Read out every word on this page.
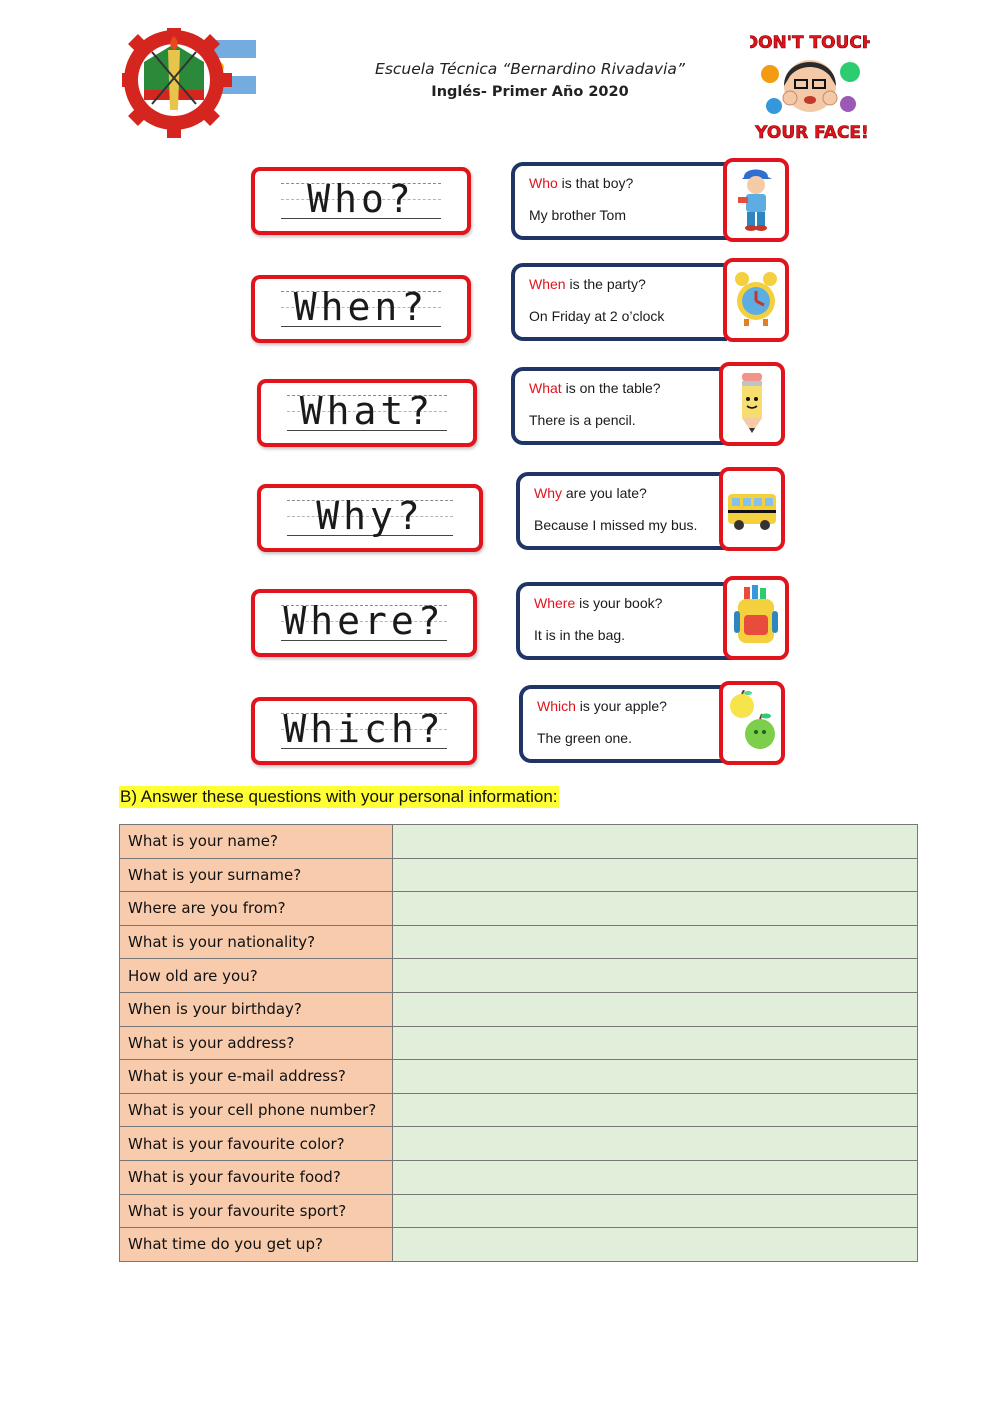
Escuela Técnica “Bernardino Rivadavia”
Inglés- Primer Año 2020
DON'T TOUCH
YOUR FACE!
Who?
When?
What?
Why?
Where?
Which?
Who is that boy?
My brother Tom
When is the party?
On Friday at 2 o’clock
What is on the table?
There is a pencil.
Why are you late?
Because I missed my bus.
Where is your book?
It is in the bag.
Which is your apple?
The green one.
B) Answer these questions with your personal information:
What is your name?	
What is your surname?	
Where are you from?	
What is your nationality?	
How old are you?	
When is your birthday?	
What is your address?	
What is your e-mail address?	
What is your cell phone number?	
What is your favourite color?	
What is your favourite food?	
What is your favourite sport?	
What time do you get up?	
